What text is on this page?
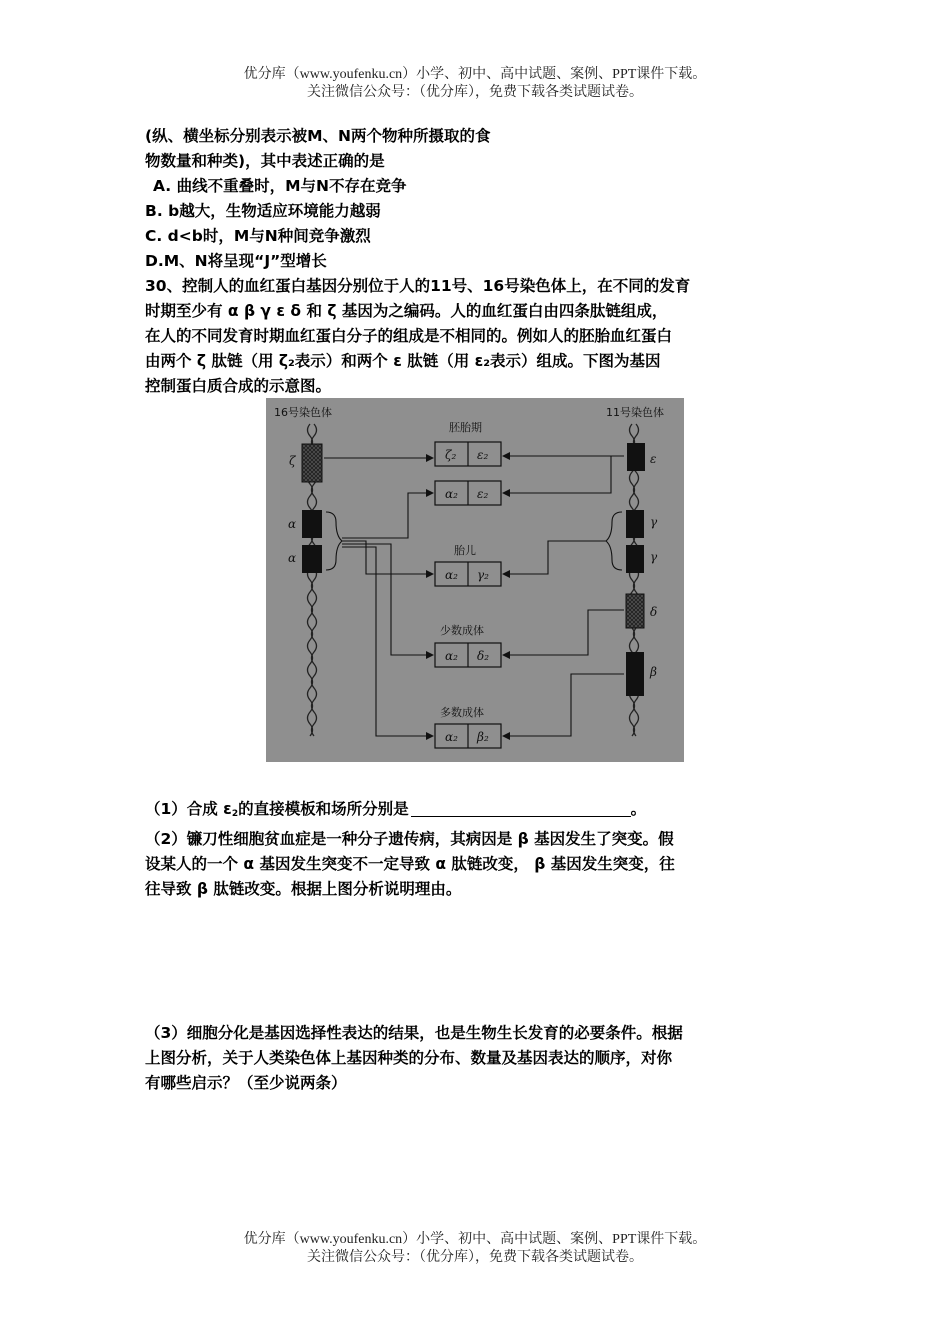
优分库（www.youfenku.cn）小学、初中、高中试题、案例、PPT课件下载。
关注微信公众号：（优分库），免费下载各类试题试卷。

(纵、横坐标分别表示被M、N两个物种所摄取的食

物数量和种类)，其中表述正确的是

A. 曲线不重叠时，M与N不存在竞争

B. b越大，生物适应环境能力越弱

C. d<b时，M与N种间竞争激烈

D.M、N将呈现“J”型增长

30、控制人的血红蛋白基因分别位于人的11号、16号染色体上，在不同的发育

时期至少有 α β γ ε δ 和 ζ 基因为之编码。人的血红蛋白由四条肽链组成，

在人的不同发育时期血红蛋白分子的组成是不相同的。例如人的胚胎血红蛋白

由两个 ζ 肽链（用 ζ₂表示）和两个 ε 肽链（用 ε₂表示）组成。下图为基因

控制蛋白质合成的示意图。

16号染色体	11号染色体
ζ
α
α
ε
γ
γ
δ
β
胚胎期
胎儿
少数成体
多数成体
ζ₂ ε₂
α₂ ε₂
α₂ γ₂
α₂ δ₂
α₂ β₂

（1）合成 $\varepsilon_2$的直接模板和场所分别是	。

（2）镰刀性细胞贫血症是一种分子遗传病，其病因是 β 基因发生了突变。假

设某人的一个 α 基因发生突变不一定导致 α 肽链改变， β 基因发生突变，往

往导致 β 肽链改变。根据上图分析说明理由。

（3）细胞分化是基因选择性表达的结果，也是生物生长发育的必要条件。根据

上图分析，关于人类染色体上基因种类的分布、数量及基因表达的顺序，对你

有哪些启示？（至少说两条）

优分库（www.youfenku.cn）小学、初中、高中试题、案例、PPT课件下载。
关注微信公众号：（优分库），免费下载各类试题试卷。
